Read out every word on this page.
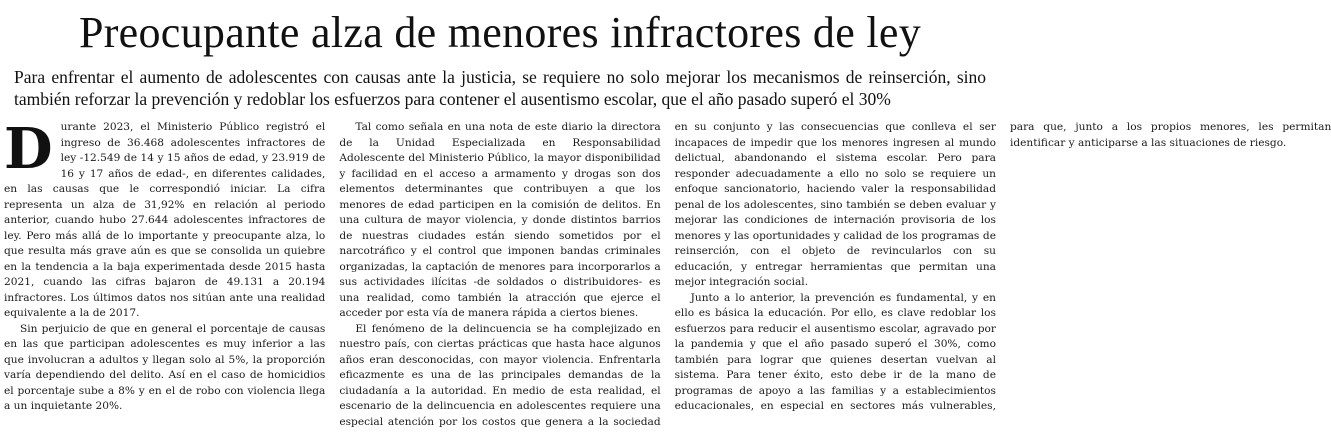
Preocupante alza de menores infractores de ley
Para enfrentar el aumento de adolescentes con causas ante la justicia, se requiere no solo mejorar los mecanismos de reinserción, sino también reforzar la prevención y redoblar los esfuerzos para contener el ausentismo escolar, que el año pasado superó el 30%

Durante 2023, el Ministerio Público registró el ingreso de 36.468 adolescentes infractores de ley -12.549 de 14 y 15 años de edad, y 23.919 de 16 y 17 años de edad-, en diferentes calidades, en las causas que le correspondió iniciar. La cifra representa un alza de 31,92% en relación al periodo anterior, cuando hubo 27.644 adolescentes infractores de ley. Pero más allá de lo importante y preocupante alza, lo que resulta más grave aún es que se consolida un quiebre en la tendencia a la baja experimentada desde 2015 hasta 2021, cuando las cifras bajaron de 49.131 a 20.194 infractores. Los últimos datos nos sitúan ante una realidad equivalente a la de 2017.

Sin perjuicio de que en general el porcentaje de causas en las que participan adolescentes es muy inferior a las que involucran a adultos y llegan solo al 5%, la proporción varía dependiendo del delito. Así en el caso de homicidios el porcentaje sube a 8% y en el de robo con violencia llega a un inquietante 20%.

Tal como señala en una nota de este diario la directora de la Unidad Especializada en Responsabilidad Adolescente del Ministerio Público, la mayor disponibilidad y facilidad en el acceso a armamento y drogas son dos elementos determinantes que contribuyen a que los menores de edad participen en la comisión de delitos. En una cultura de mayor violencia, y donde distintos barrios de nuestras ciudades están siendo sometidos por el narcotráfico y el control que imponen bandas criminales organizadas, la captación de menores para incorporarlos a sus actividades ilícitas -de soldados o distribuidores- es una realidad, como también la atracción que ejerce el acceder por esta vía de manera rápida a ciertos bienes.

El fenómeno de la delincuencia se ha complejizado en nuestro país, con ciertas prácticas que hasta hace algunos años eran desconocidas, con mayor violencia. Enfrentarla eficazmente es una de las principales demandas de la ciudadanía a la autoridad. En medio de esta realidad, el escenario de la delincuencia en adolescentes requiere una especial atención por los costos que genera a la sociedad en su conjunto y las consecuencias que conlleva el ser incapaces de impedir que los menores ingresen al mundo delictual, abandonando el sistema escolar. Pero para responder adecuadamente a ello no solo se requiere un enfoque sancionatorio, haciendo valer la responsabilidad penal de los adolescentes, sino también se deben evaluar y mejorar las condiciones de internación provisoria de los menores y las oportunidades y calidad de los programas de reinserción, con el objeto de revincularlos con su educación, y entregar herramientas que permitan una mejor integración social.

Junto a lo anterior, la prevención es fundamental, y en ello es básica la educación. Por ello, es clave redoblar los esfuerzos para reducir el ausentismo escolar, agravado por la pandemia y que el año pasado superó el 30%, como también para lograr que quienes desertan vuelvan al sistema. Para tener éxito, esto debe ir de la mano de programas de apoyo a las familias y a establecimientos educacionales, en especial en sectores más vulnerables, para que, junto a los propios menores, les permitan identificar y anticiparse a las situaciones de riesgo.
